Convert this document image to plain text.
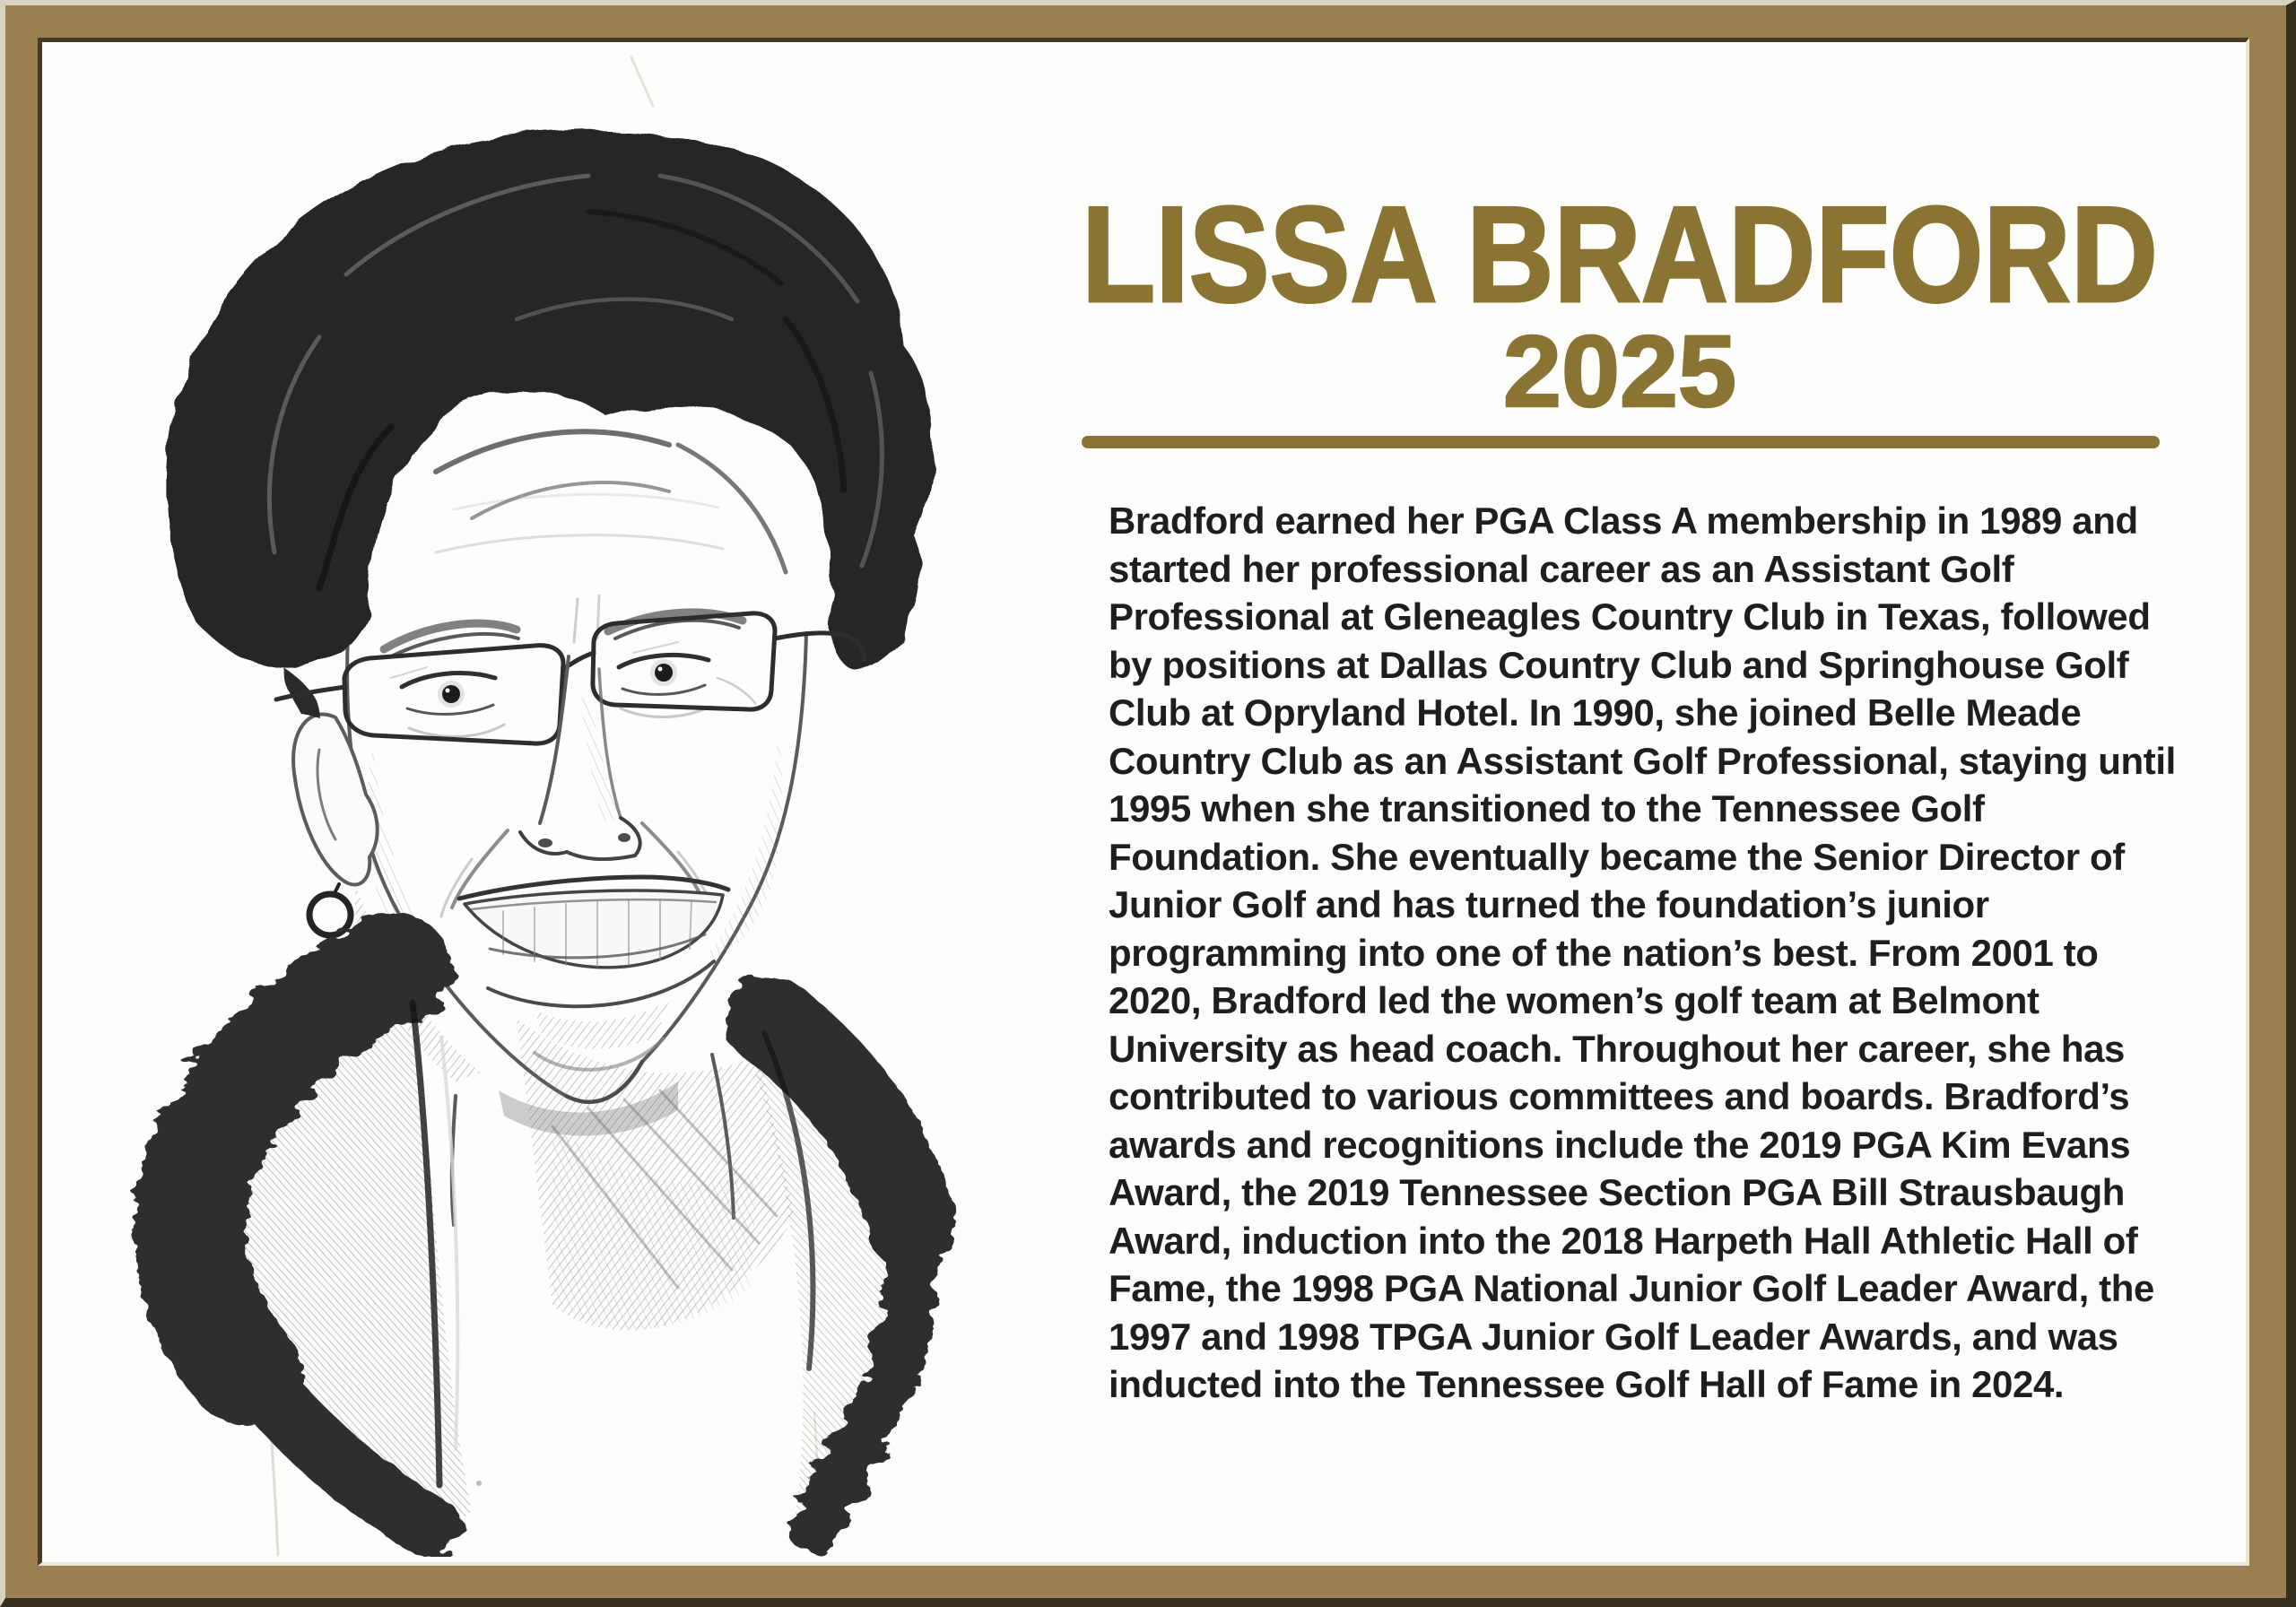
LISSA BRADFORD
2025
Bradford earned her PGA Class A membership in 1989 and started her professional career as an Assistant Golf Professional at Gleneagles Country Club in Texas, followed by positions at Dallas Country Club and Springhouse Golf Club at Opryland Hotel. In 1990, she joined Belle Meade Country Club as an Assistant Golf Professional, staying until 1995 when she transitioned to the Tennessee Golf Foundation. She eventually became the Senior Director of Junior Golf and has turned the foundation’s junior programming into one of the nation’s best. From 2001 to 2020, Bradford led the women’s golf team at Belmont University as head coach. Throughout her career, she has contributed to various committees and boards. Bradford’s awards and recognitions include the 2019 PGA Kim Evans Award, the 2019 Tennessee Section PGA Bill Strausbaugh Award, induction into the 2018 Harpeth Hall Athletic Hall of Fame, the 1998 PGA National Junior Golf Leader Award, the 1997 and 1998 TPGA Junior Golf Leader Awards, and was inducted into the Tennessee Golf Hall of Fame in 2024.
